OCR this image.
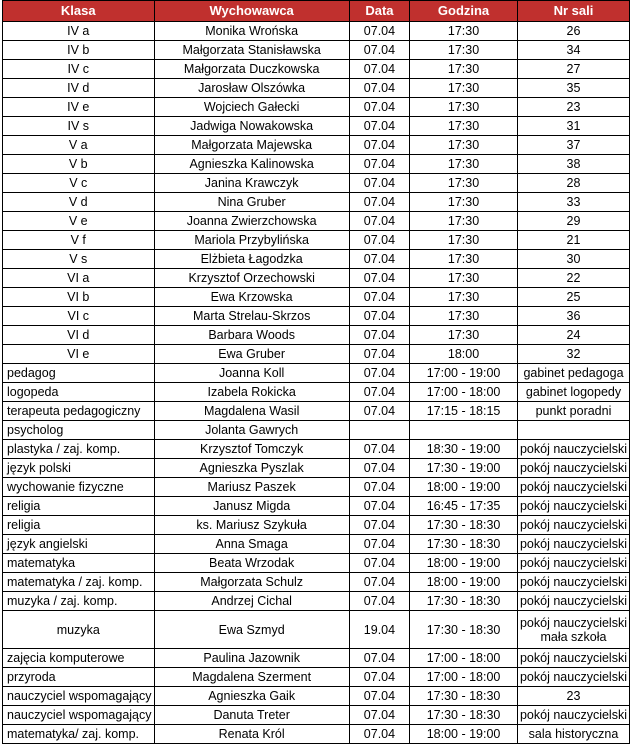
Klasa	Wychowawca	Data	Godzina	Nr sali
IV a	Monika Wrońska	07.04	17:30	26
IV b	Małgorzata Stanisławska	07.04	17:30	34
IV c	Małgorzata Duczkowska	07.04	17:30	27
IV d	Jarosław Olszówka	07.04	17:30	35
IV e	Wojciech Gałecki	07.04	17:30	23
IV s	Jadwiga Nowakowska	07.04	17:30	31
V a	Małgorzata Majewska	07.04	17:30	37
V b	Agnieszka Kalinowska	07.04	17:30	38
V c	Janina Krawczyk	07.04	17:30	28
V d	Nina Gruber	07.04	17:30	33
V e	Joanna Zwierzchowska	07.04	17:30	29
V f	Mariola Przybylińska	07.04	17:30	21
V s	Elżbieta Łagodzka	07.04	17:30	30
VI a	Krzysztof Orzechowski	07.04	17:30	22
VI b	Ewa Krzowska	07.04	17:30	25
VI c	Marta Strelau-Skrzos	07.04	17:30	36
VI d	Barbara Woods	07.04	17:30	24
VI e	Ewa Gruber	07.04	18:00	32
pedagog	Joanna Koll	07.04	17:00 - 19:00	gabinet pedagoga
logopeda	Izabela Rokicka	07.04	17:00 - 18:00	gabinet logopedy
terapeuta pedagogiczny	Magdalena Wasil	07.04	17:15 - 18:15	punkt poradni
psycholog	Jolanta Gawrych			
plastyka / zaj. komp.	Krzysztof Tomczyk	07.04	18:30 - 19:00	pokój nauczycielski
język polski	Agnieszka Pyszlak	07.04	17:30 - 19:00	pokój nauczycielski
wychowanie fizyczne	Mariusz Paszek	07.04	18:00 - 19:00	pokój nauczycielski
religia	Janusz Migda	07.04	16:45 - 17:35	pokój nauczycielski
religia	ks. Mariusz Szykuła	07.04	17:30 - 18:30	pokój nauczycielski
język angielski	Anna Smaga	07.04	17:30 - 18:30	pokój nauczycielski
matematyka	Beata Wrzodak	07.04	18:00 - 19:00	pokój nauczycielski
matematyka / zaj. komp.	Małgorzata Schulz	07.04	18:00 - 19:00	pokój nauczycielski
muzyka / zaj. komp.	Andrzej Cichal	07.04	17:30 - 18:30	pokój nauczycielski
muzyka	Ewa Szmyd	19.04	17:30 - 18:30	pokój nauczycielski mała szkoła
zajęcia komputerowe	Paulina Jazownik	07.04	17:00 - 18:00	pokój nauczycielski
przyroda	Magdalena Szerment	07.04	17:00 - 18:00	pokój nauczycielski
nauczyciel wspomagający	Agnieszka Gaik	07.04	17:30 - 18:30	23
nauczyciel wspomagający	Danuta Treter	07.04	17:30 - 18:30	pokój nauczycielski
matematyka/ zaj. komp.	Renata Król	07.04	18:00 - 19:00	sala historyczna
